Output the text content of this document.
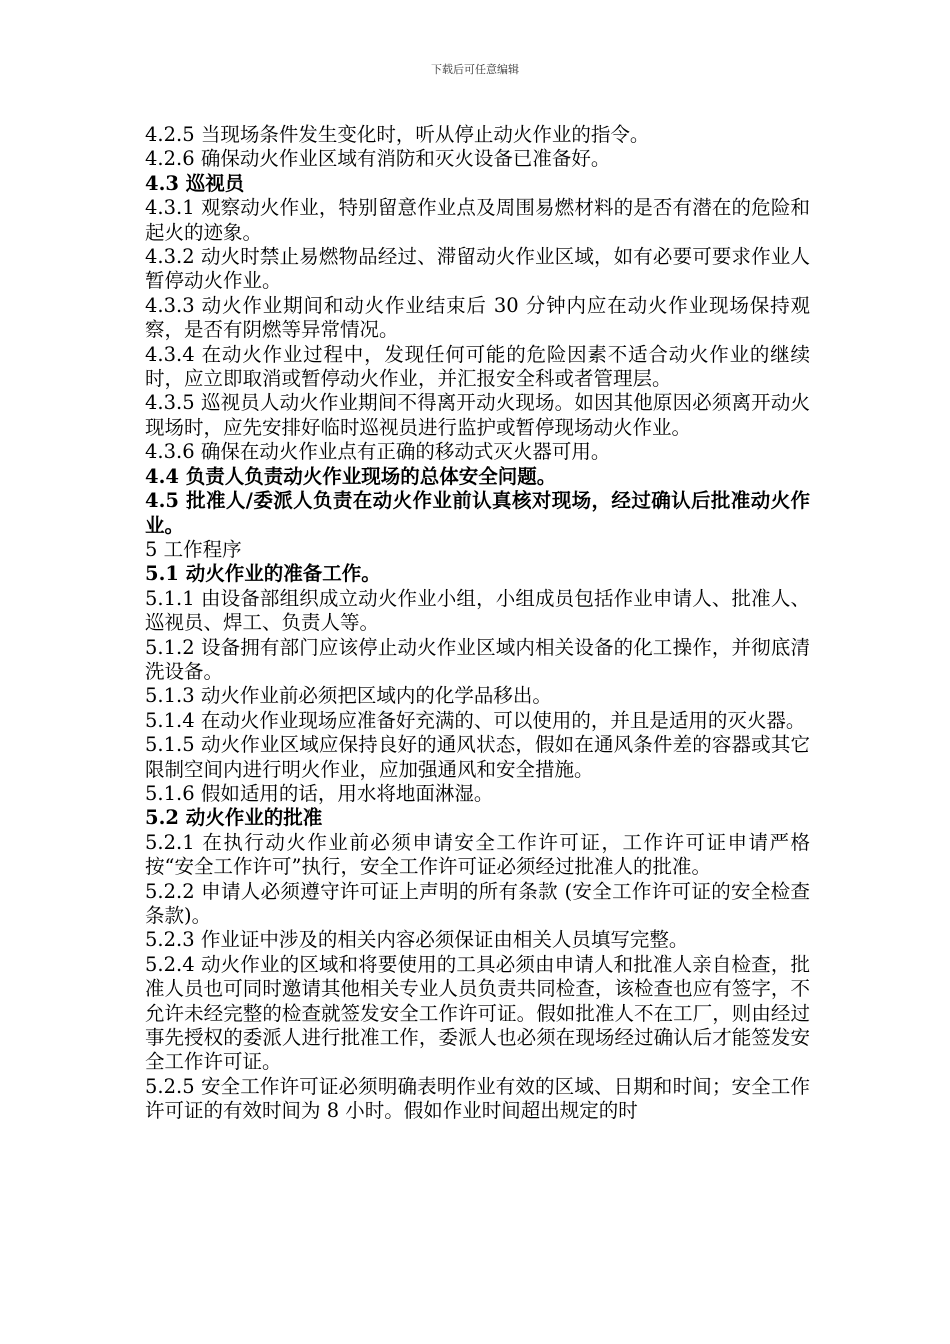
下载后可任意编辑

4.2.5 当现场条件发生变化时，听从停止动火作业的指令。

4.2.6 确保动火作业区域有消防和灭火设备已准备好。

4.3 巡视员

4.3.1 观察动火作业，特别留意作业点及周围易燃材料的是否有潜在的危险和起火的迹象。

4.3.2 动火时禁止易燃物品经过、滞留动火作业区域，如有必要可要求作业人暂停动火作业。

4.3.3 动火作业期间和动火作业结束后 30 分钟内应在动火作业现场保持观察，是否有阴燃等异常情况。

4.3.4 在动火作业过程中，发现任何可能的危险因素不适合动火作业的继续时，应立即取消或暂停动火作业，并汇报安全科或者管理层。

4.3.5 巡视员人动火作业期间不得离开动火现场。如因其他原因必须离开动火现场时，应先安排好临时巡视员进行监护或暂停现场动火作业。

4.3.6 确保在动火作业点有正确的移动式灭火器可用。

4.4 负责人负责动火作业现场的总体安全问题。

4.5 批准人/委派人负责在动火作业前认真核对现场，经过确认后批准动火作业。

5 工作程序

5.1 动火作业的准备工作。

5.1.1 由设备部组织成立动火作业小组，小组成员包括作业申请人、批准人、巡视员、焊工、负责人等。

5.1.2 设备拥有部门应该停止动火作业区域内相关设备的化工操作，并彻底清洗设备。

5.1.3 动火作业前必须把区域内的化学品移出。

5.1.4 在动火作业现场应准备好充满的、可以使用的，并且是适用的灭火器。

5.1.5 动火作业区域应保持良好的通风状态，假如在通风条件差的容器或其它限制空间内进行明火作业，应加强通风和安全措施。

5.1.6 假如适用的话，用水将地面淋湿。

5.2 动火作业的批准

5.2.1 在执行动火作业前必须申请安全工作许可证，工作许可证申请严格按“安全工作许可”执行，安全工作许可证必须经过批准人的批准。

5.2.2 申请人必须遵守许可证上声明的所有条款 (安全工作许可证的安全检查条款)。

5.2.3 作业证中涉及的相关内容必须保证由相关人员填写完整。

5.2.4 动火作业的区域和将要使用的工具必须由申请人和批准人亲自检查，批准人员也可同时邀请其他相关专业人员负责共同检查，该检查也应有签字，不允许未经完整的检查就签发安全工作许可证。假如批准人不在工厂，则由经过事先授权的委派人进行批准工作，委派人也必须在现场经过确认后才能签发安全工作许可证。

5.2.5 安全工作许可证必须明确表明作业有效的区域、日期和时间；安全工作许可证的有效时间为 8 小时。假如作业时间超出规定的时
